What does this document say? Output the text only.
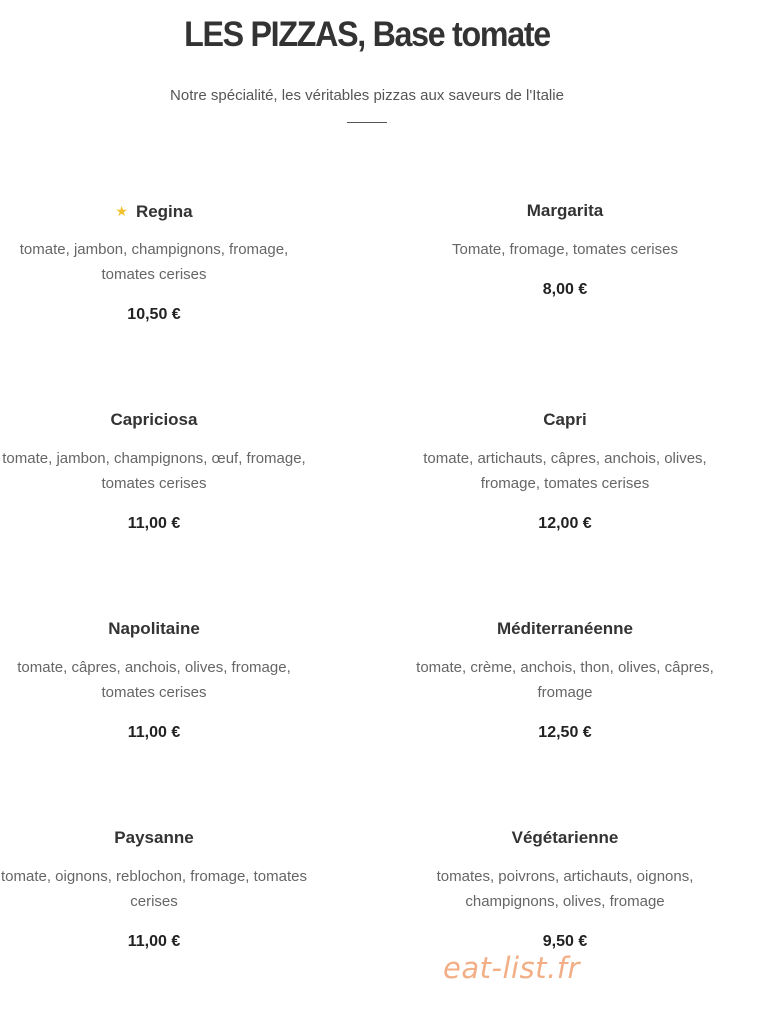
LES PIZZAS, Base tomate
Notre spécialité, les véritables pizzas aux saveurs de l'Italie
★ Regina
tomate, jambon, champignons, fromage, tomates cerises
10,50 €
Margarita
Tomate, fromage, tomates cerises
8,00 €
Capriciosa
tomate, jambon, champignons, œuf, fromage, tomates cerises
11,00 €
Capri
tomate, artichauts, câpres, anchois, olives, fromage, tomates cerises
12,00 €
Napolitaine
tomate, câpres, anchois, olives, fromage, tomates cerises
11,00 €
Méditerranéenne
tomate, crème, anchois, thon, olives, câpres, fromage
12,50 €
Paysanne
tomate, oignons, reblochon, fromage, tomates cerises
11,00 €
Végétarienne
tomates, poivrons, artichauts, oignons, champignons, olives, fromage
9,50 €
eat-list.fr
